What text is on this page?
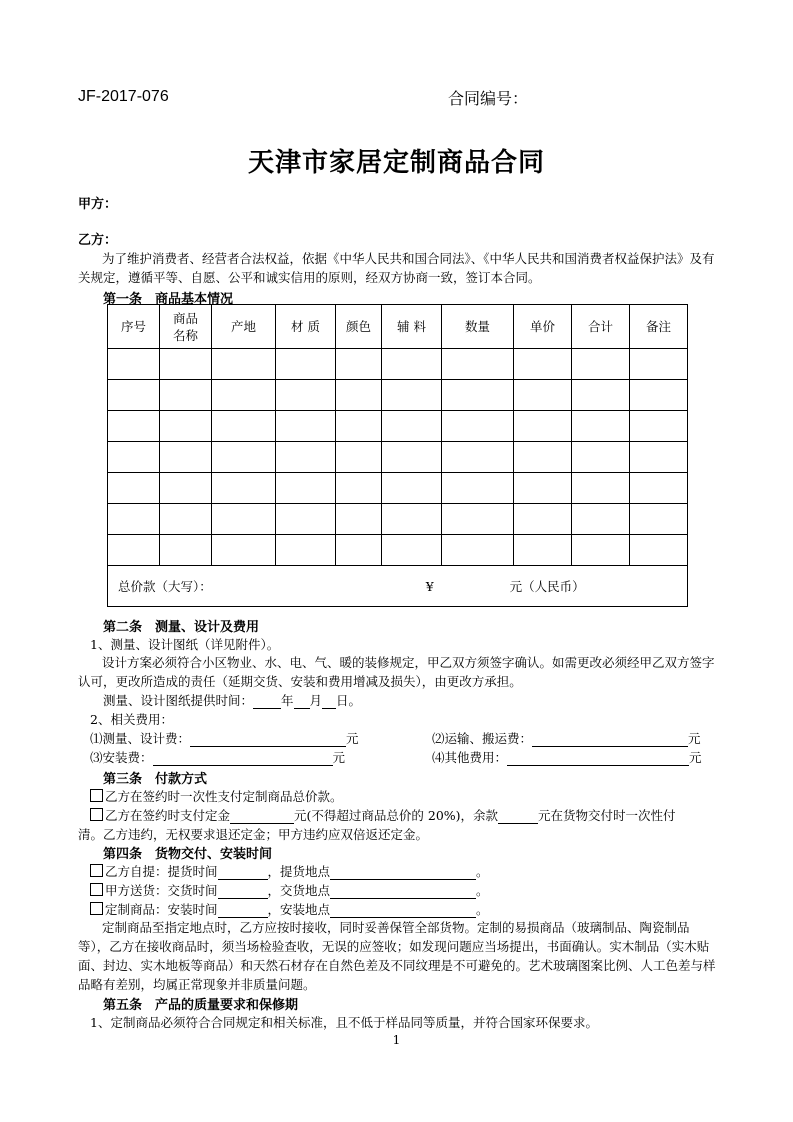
JF-2017-076	合同编号：
天津市家居定制商品合同
甲方：
乙方：

为了维护消费者、经营者合法权益，依据《中华人民共和国合同法》、《中华人民共和国消费者权益保护法》及有关规定，遵循平等、自愿、公平和诚实信用的原则，经双方协商一致，签订本合同。

第一条　商品基本情况
序号	商品名称	产地	材 质	颜色	辅 料	数量	单价	合计	备注

总价款（大写）： ¥ 元（人民币）									
第二条　测量、设计及费用
1、测量、设计图纸（详见附件）。

设计方案必须符合小区物业、水、电、气、暖的装修规定，甲乙双方须签字确认。如需更改必须经甲乙双方签字认可，更改所造成的责任（延期交货、安装和费用增减及损失），由更改方承担。

测量、设计图纸提供时间： 年 月 日。
2、相关费用：
⑴测量、设计费：	元	⑵运输、搬运费：	元
⑶安装费：	元	⑷其他费用：	元
第三条　付款方式
乙方在签约时一次性支付定制商品总价款。
乙方在签约时支付定金	元(不得超过商品总价的 20%)，余款	元在货物交付时一次性付
清。乙方违约，无权要求退还定金；甲方违约应双倍返还定金。
第四条　货物交付、安装时间
乙方自提：提货时间	，提货地点	。
甲方送货：交货时间	，交货地点	。
定制商品：安装时间	，安装地点	。

定制商品至指定地点时，乙方应按时接收，同时妥善保管全部货物。定制的易损商品（玻璃制品、陶瓷制品等），乙方在接收商品时，须当场检验查收，无误的应签收；如发现问题应当场提出，书面确认。实木制品（实木贴面、封边、实木地板等商品）和天然石材存在自然色差及不同纹理是不可避免的。艺术玻璃图案比例、人工色差与样品略有差别，均属正常现象并非质量问题。

第五条　产品的质量要求和保修期
1、定制商品必须符合合同规定和相关标准，且不低于样品同等质量，并符合国家环保要求。
1
